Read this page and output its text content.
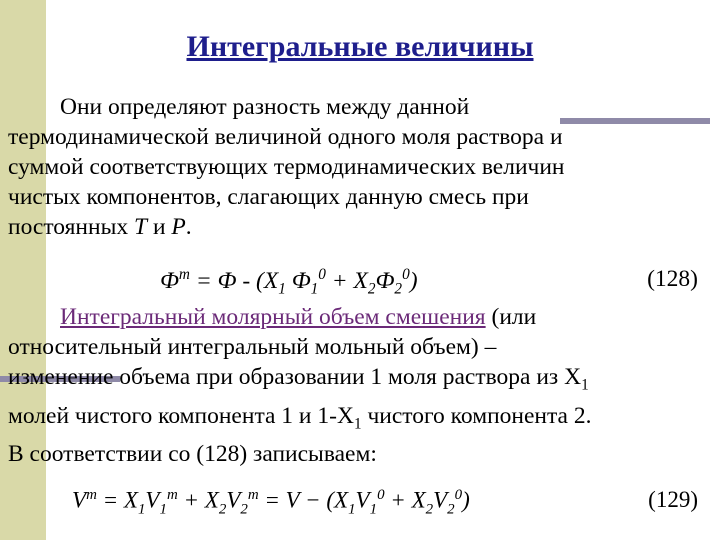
Интегральные величины
Они определяют разность между данной
термодинамической величиной одного моля раствора и
суммой соответствующих термодинамических величин
чистых компонентов, слагающих данную смесь при
постоянных T и P.
$Ф^m = Ф - (X_1$ $Ф_1^0 + X_2Ф_2^0$)	(128)
Интегральный молярный объем смешения (или
относительный интегральный мольный объем) –
изменение объема при образовании 1 моля раствора из $X_1$
молей чистого компонента 1 и $1-X_1$ чистого компонента 2.
В соответствии со (128) записываем:
$V^m = X_1V_1^m + X_2V_2^m = V - (X_1V_1^0 + X_2V_2^0)$	(129)
